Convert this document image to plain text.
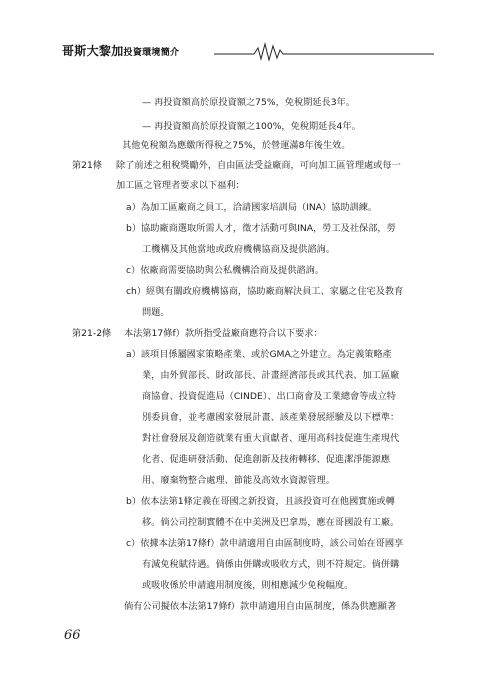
哥斯大黎加投資環境簡介
— 再投資額高於原投資額之75%，免稅期延長3年。
— 再投資額高於原投資額之100%，免稅期延長4年。
其他免稅額為應繳所得稅之75%，於營運滿8年後生效。
第21條 除了前述之租稅獎勵外，自由區法受益廠商，可向加工區管理處或每一
加工區之管理者要求以下福利：
a）為加工區廠商之員工，洽請國家培訓局（INA）協助訓練。
b）協助廠商選取所需人才，徵才活動可與INA，勞工及社保部，勞
工機構及其他當地或政府機構協商及提供諮詢。
c）依廠商需要協助與公私機構洽商及提供諮詢。
ch）經與有關政府機構協商，協助廠商解決員工、家屬之住宅及教育
問題。
第21-2條 本法第17條f）款所指受益廠商應符合以下要求：
a）該項目係屬國家策略產業、或於GMA之外建立。為定義策略產
業，由外貿部長、財政部長、計畫經濟部長或其代表、加工區廠
商協會、投資促進局（CINDE）、出口商會及工業總會等成立特
別委員會，並考慮國家發展計畫、該產業發展經驗及以下標準：
對社會發展及創造就業有重大貢獻者、運用高科技促進生產現代
化者、促進研發活動、促進創新及技術轉移、促進潔淨能源應
用、廢棄物整合處理、節能及高效水資源管理。
b）依本法第1條定義在哥國之新投資，且該投資可在他國實施或轉
移。倘公司控制實體不在中美洲及巴拿馬，應在哥國設有工廠。
c）依據本法第17條f）款申請適用自由區制度時，該公司始在哥國享
有減免稅賦待遇。倘係由併購或吸收方式，則不符規定。倘併購
或吸收係於申請適用制度後，則相應減少免稅幅度。
倘有公司擬依本法第17條f）款申請適用自由區制度，係為供應顯著
66
